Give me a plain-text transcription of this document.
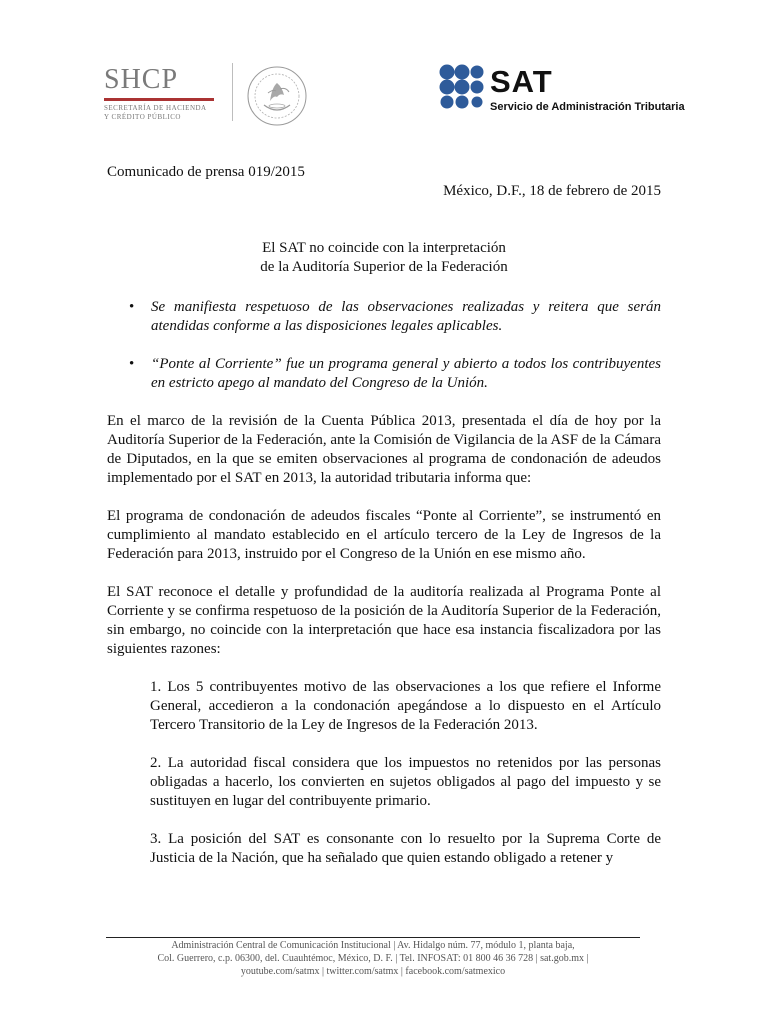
SHCP
SECRETARÍA DE HACIENDA
Y CRÉDITO PÚBLICO
SAT
Servicio de Administración Tributaria

Comunicado de prensa 019/2015

México, D.F., 18 de febrero de 2015

El SAT no coincide con la interpretación
de la Auditoría Superior de la Federación
• Se manifiesta respetuoso de las observaciones realizadas y reitera que serán atendidas conforme a las disposiciones legales aplicables.
• “Ponte al Corriente” fue un programa general y abierto a todos los contribuyentes en estricto apego al mandato del Congreso de la Unión.

En el marco de la revisión de la Cuenta Pública 2013, presentada el día de hoy por la Auditoría Superior de la Federación, ante la Comisión de Vigilancia de la ASF de la Cámara de Diputados, en la que se emiten observaciones al programa de condonación de adeudos implementado por el SAT en 2013, la autoridad tributaria informa que:

El programa de condonación de adeudos fiscales “Ponte al Corriente”, se instrumentó en cumplimiento al mandato establecido en el artículo tercero de la Ley de Ingresos de la Federación para 2013, instruido por el Congreso de la Unión en ese mismo año.

El SAT reconoce el detalle y profundidad de la auditoría realizada al Programa Ponte al Corriente y se confirma respetuoso de la posición de la Auditoría Superior de la Federación, sin embargo, no coincide con la interpretación que hace esa instancia fiscalizadora por las siguientes razones:

1. Los 5 contribuyentes motivo de las observaciones a los que refiere el Informe General, accedieron a la condonación apegándose a lo dispuesto en el Artículo Tercero Transitorio de la Ley de Ingresos de la Federación 2013.
2. La autoridad fiscal considera que los impuestos no retenidos por las personas obligadas a hacerlo, los convierten en sujetos obligados al pago del impuesto y se sustituyen en lugar del contribuyente primario.
3. La posición del SAT es consonante con lo resuelto por la Suprema Corte de Justicia de la Nación, que ha señalado que quien estando obligado a retener y
Administración Central de Comunicación Institucional | Av. Hidalgo núm. 77, módulo 1, planta baja,
Col. Guerrero, c.p. 06300, del. Cuauhtémoc, México, D. F. | Tel. INFOSAT: 01 800 46 36 728 | sat.gob.mx |
youtube.com/satmx | twitter.com/satmx | facebook.com/satmexico
